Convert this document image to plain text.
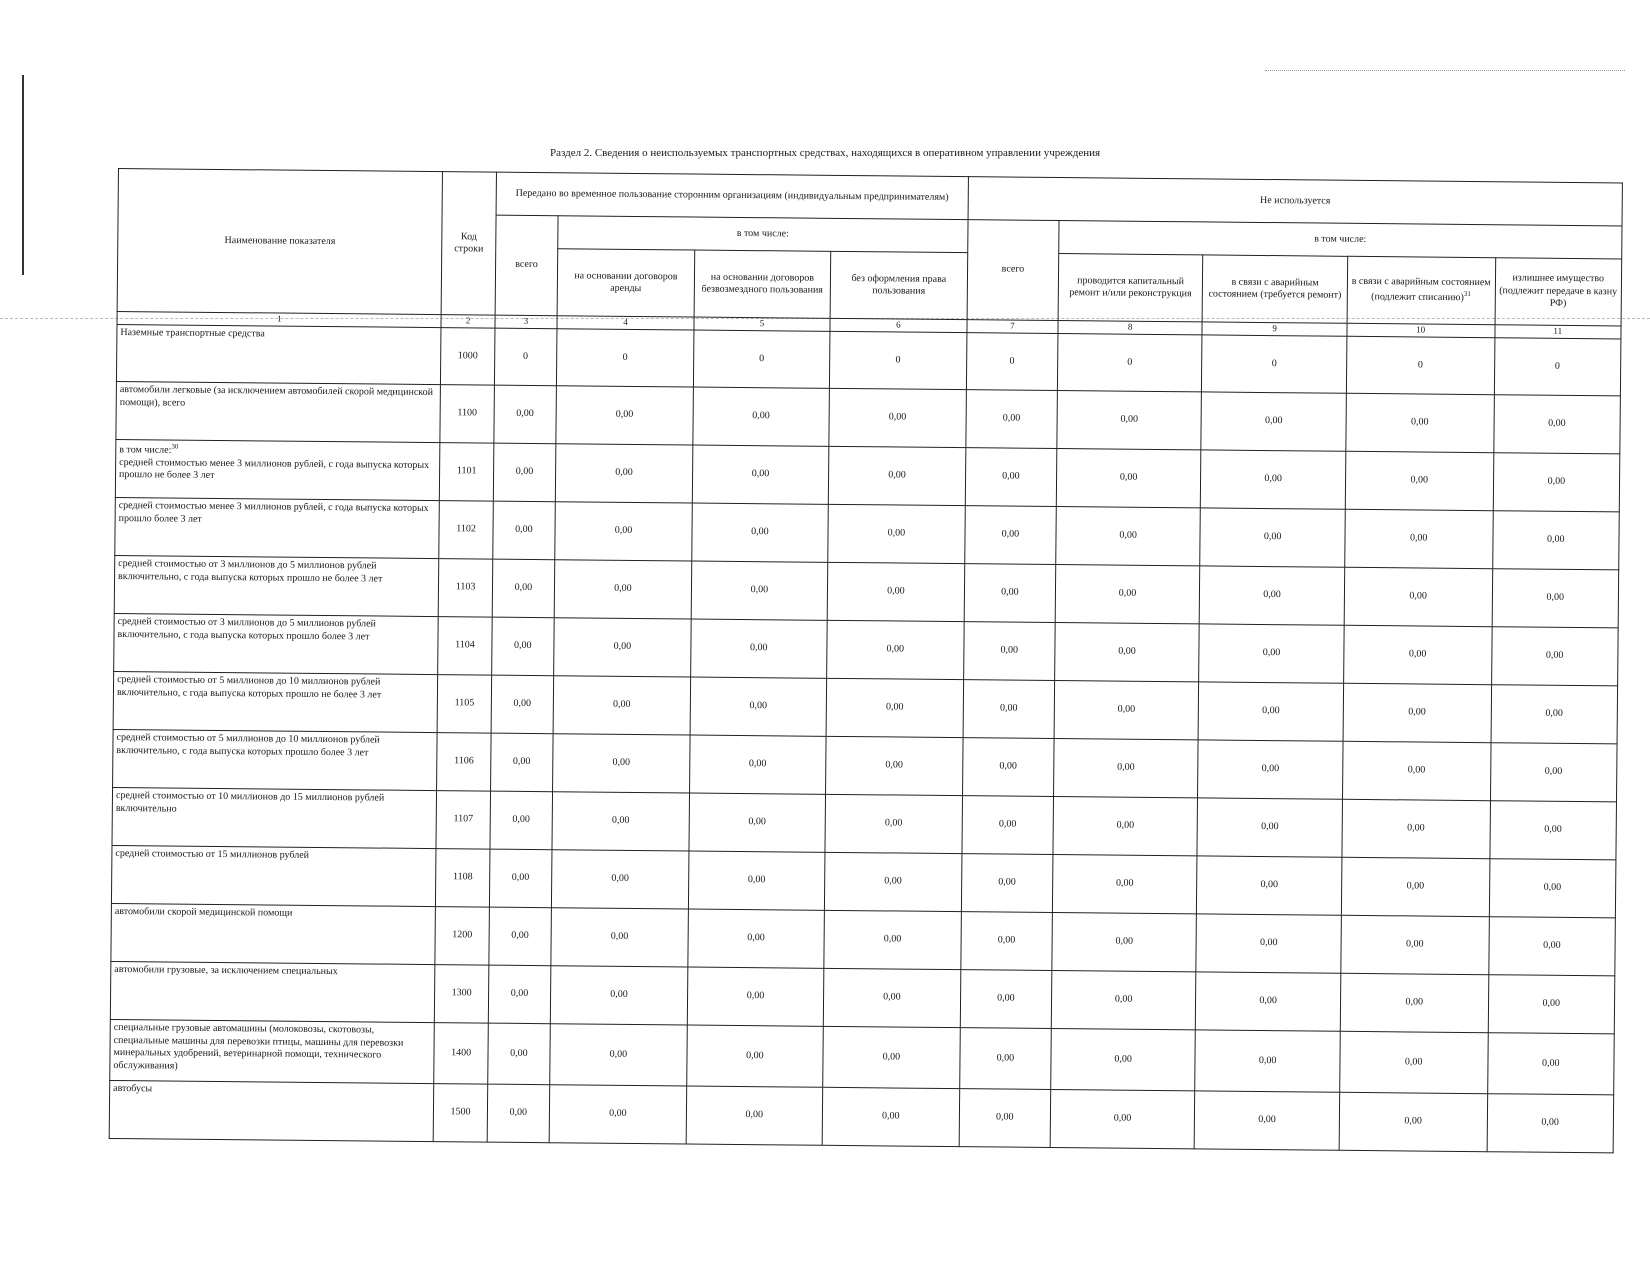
Раздел 2. Сведения о неиспользуемых транспортных средствах, находящихся в оперативном управлении учреждения
Наименование показателя	Код строки	Передано во временное пользование сторонним организациям (индивидуальным предпринимателям)				Не используется				
		всего	в том числе:			всего	в том числе:			
			на основании договоров аренды	на основании договоров безвозмездного пользования	без оформления права пользования		проводится капитальный ремонт и/или реконструкция	в связи с аварийным состоянием (требуется ремонт)	в связи с аварийным состоянием (подлежит списанию)$^{31}$	излишнее имущество (подлежит передаче в казну РФ)
1	2	3	4	5	6	7	8	9	10	11
Наземные транспортные средства	1000	0	0	0	0	0	0	0	0	0
автомобили легковые (за исключением автомобилей скорой медицинской помощи), всего	1100	0,00	0,00	0,00	0,00	0,00	0,00	0,00	0,00	0,00
в том числе:$^{30}$
средней стоимостью менее 3 миллионов рублей, с года выпуска которых прошло не более 3 лет	1101	0,00	0,00	0,00	0,00	0,00	0,00	0,00	0,00	0,00
средней стоимостью менее 3 миллионов рублей, с года выпуска которых прошло более 3 лет	1102	0,00	0,00	0,00	0,00	0,00	0,00	0,00	0,00	0,00
средней стоимостью от 3 миллионов до 5 миллионов рублей включительно, с года выпуска которых прошло не более 3 лет	1103	0,00	0,00	0,00	0,00	0,00	0,00	0,00	0,00	0,00
средней стоимостью от 3 миллионов до 5 миллионов рублей включительно, с года выпуска которых прошло более 3 лет	1104	0,00	0,00	0,00	0,00	0,00	0,00	0,00	0,00	0,00
средней стоимостью от 5 миллионов до 10 миллионов рублей включительно, с года выпуска которых прошло не более 3 лет	1105	0,00	0,00	0,00	0,00	0,00	0,00	0,00	0,00	0,00
средней стоимостью от 5 миллионов до 10 миллионов рублей включительно, с года выпуска которых прошло более 3 лет	1106	0,00	0,00	0,00	0,00	0,00	0,00	0,00	0,00	0,00
средней стоимостью от 10 миллионов до 15 миллионов рублей включительно	1107	0,00	0,00	0,00	0,00	0,00	0,00	0,00	0,00	0,00
средней стоимостью от 15 миллионов рублей	1108	0,00	0,00	0,00	0,00	0,00	0,00	0,00	0,00	0,00
автомобили скорой медицинской помощи	1200	0,00	0,00	0,00	0,00	0,00	0,00	0,00	0,00	0,00
автомобили грузовые, за исключением специальных	1300	0,00	0,00	0,00	0,00	0,00	0,00	0,00	0,00	0,00
специальные грузовые автомашины (молоковозы, скотовозы, специальные машины для перевозки птицы, машины для перевозки минеральных удобрений, ветеринарной помощи, технического обслуживания)	1400	0,00	0,00	0,00	0,00	0,00	0,00	0,00	0,00	0,00
автобусы	1500	0,00	0,00	0,00	0,00	0,00	0,00	0,00	0,00	0,00
